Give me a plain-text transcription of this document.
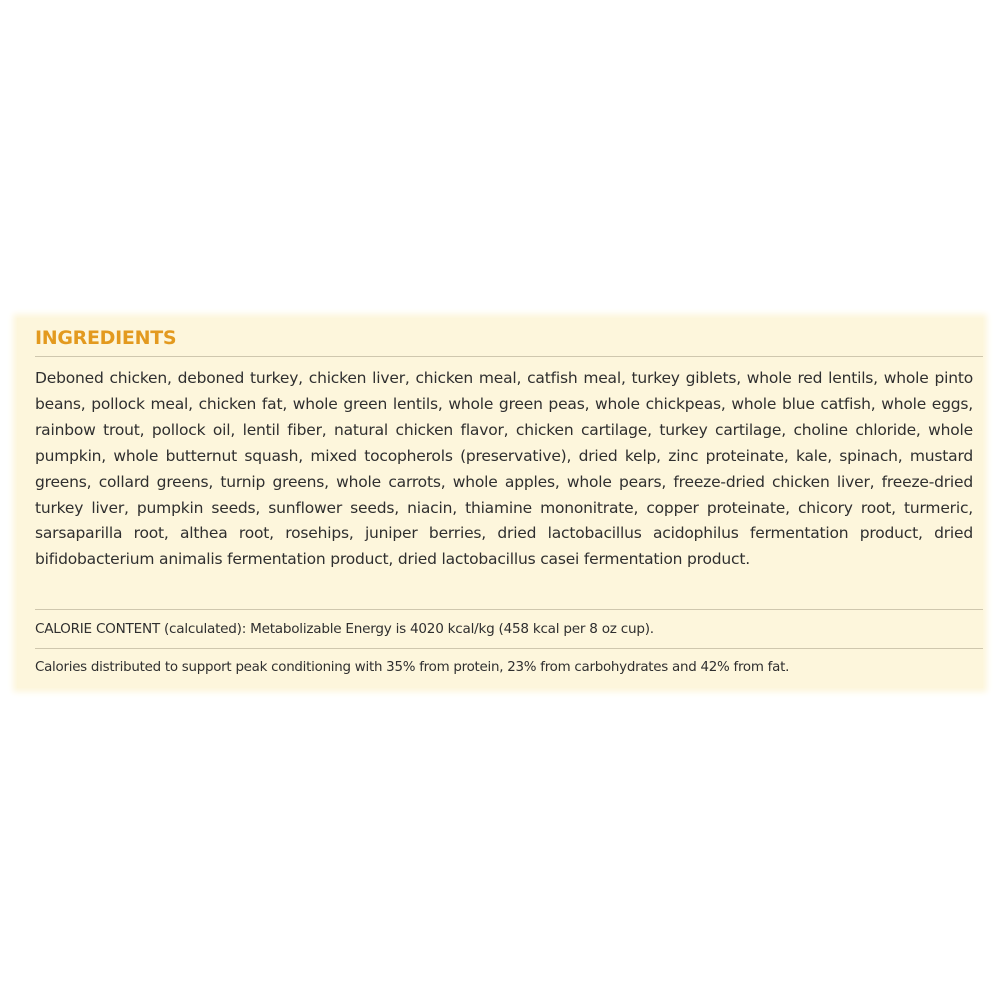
INGREDIENTS

Deboned chicken, deboned turkey, chicken liver, chicken meal, catfish meal, turkey giblets, whole red lentils, whole pinto beans, pollock meal, chicken fat, whole green lentils, whole green peas, whole chickpeas, whole blue catfish, whole eggs, rainbow trout, pollock oil, lentil fiber, natural chicken flavor, chicken cartilage, turkey cartilage, choline chloride, whole pumpkin, whole butternut squash, mixed tocopherols (preservative), dried kelp, zinc proteinate, kale, spinach, mustard greens, collard greens, turnip greens, whole carrots, whole apples, whole pears, freeze-dried chicken liver, freeze-dried turkey liver, pumpkin seeds, sunflower seeds, niacin, thiamine mononitrate, copper proteinate, chicory root, turmeric, sarsaparilla root, althea root, rosehips, juniper berries, dried lactobacillus acidophilus fermentation product, dried bifidobacterium animalis fermentation product, dried lactobacillus casei fermentation product.

CALORIE CONTENT (calculated): Metabolizable Energy is 4020 kcal/kg (458 kcal per 8 oz cup).

Calories distributed to support peak conditioning with 35% from protein, 23% from carbohydrates and 42% from fat.
